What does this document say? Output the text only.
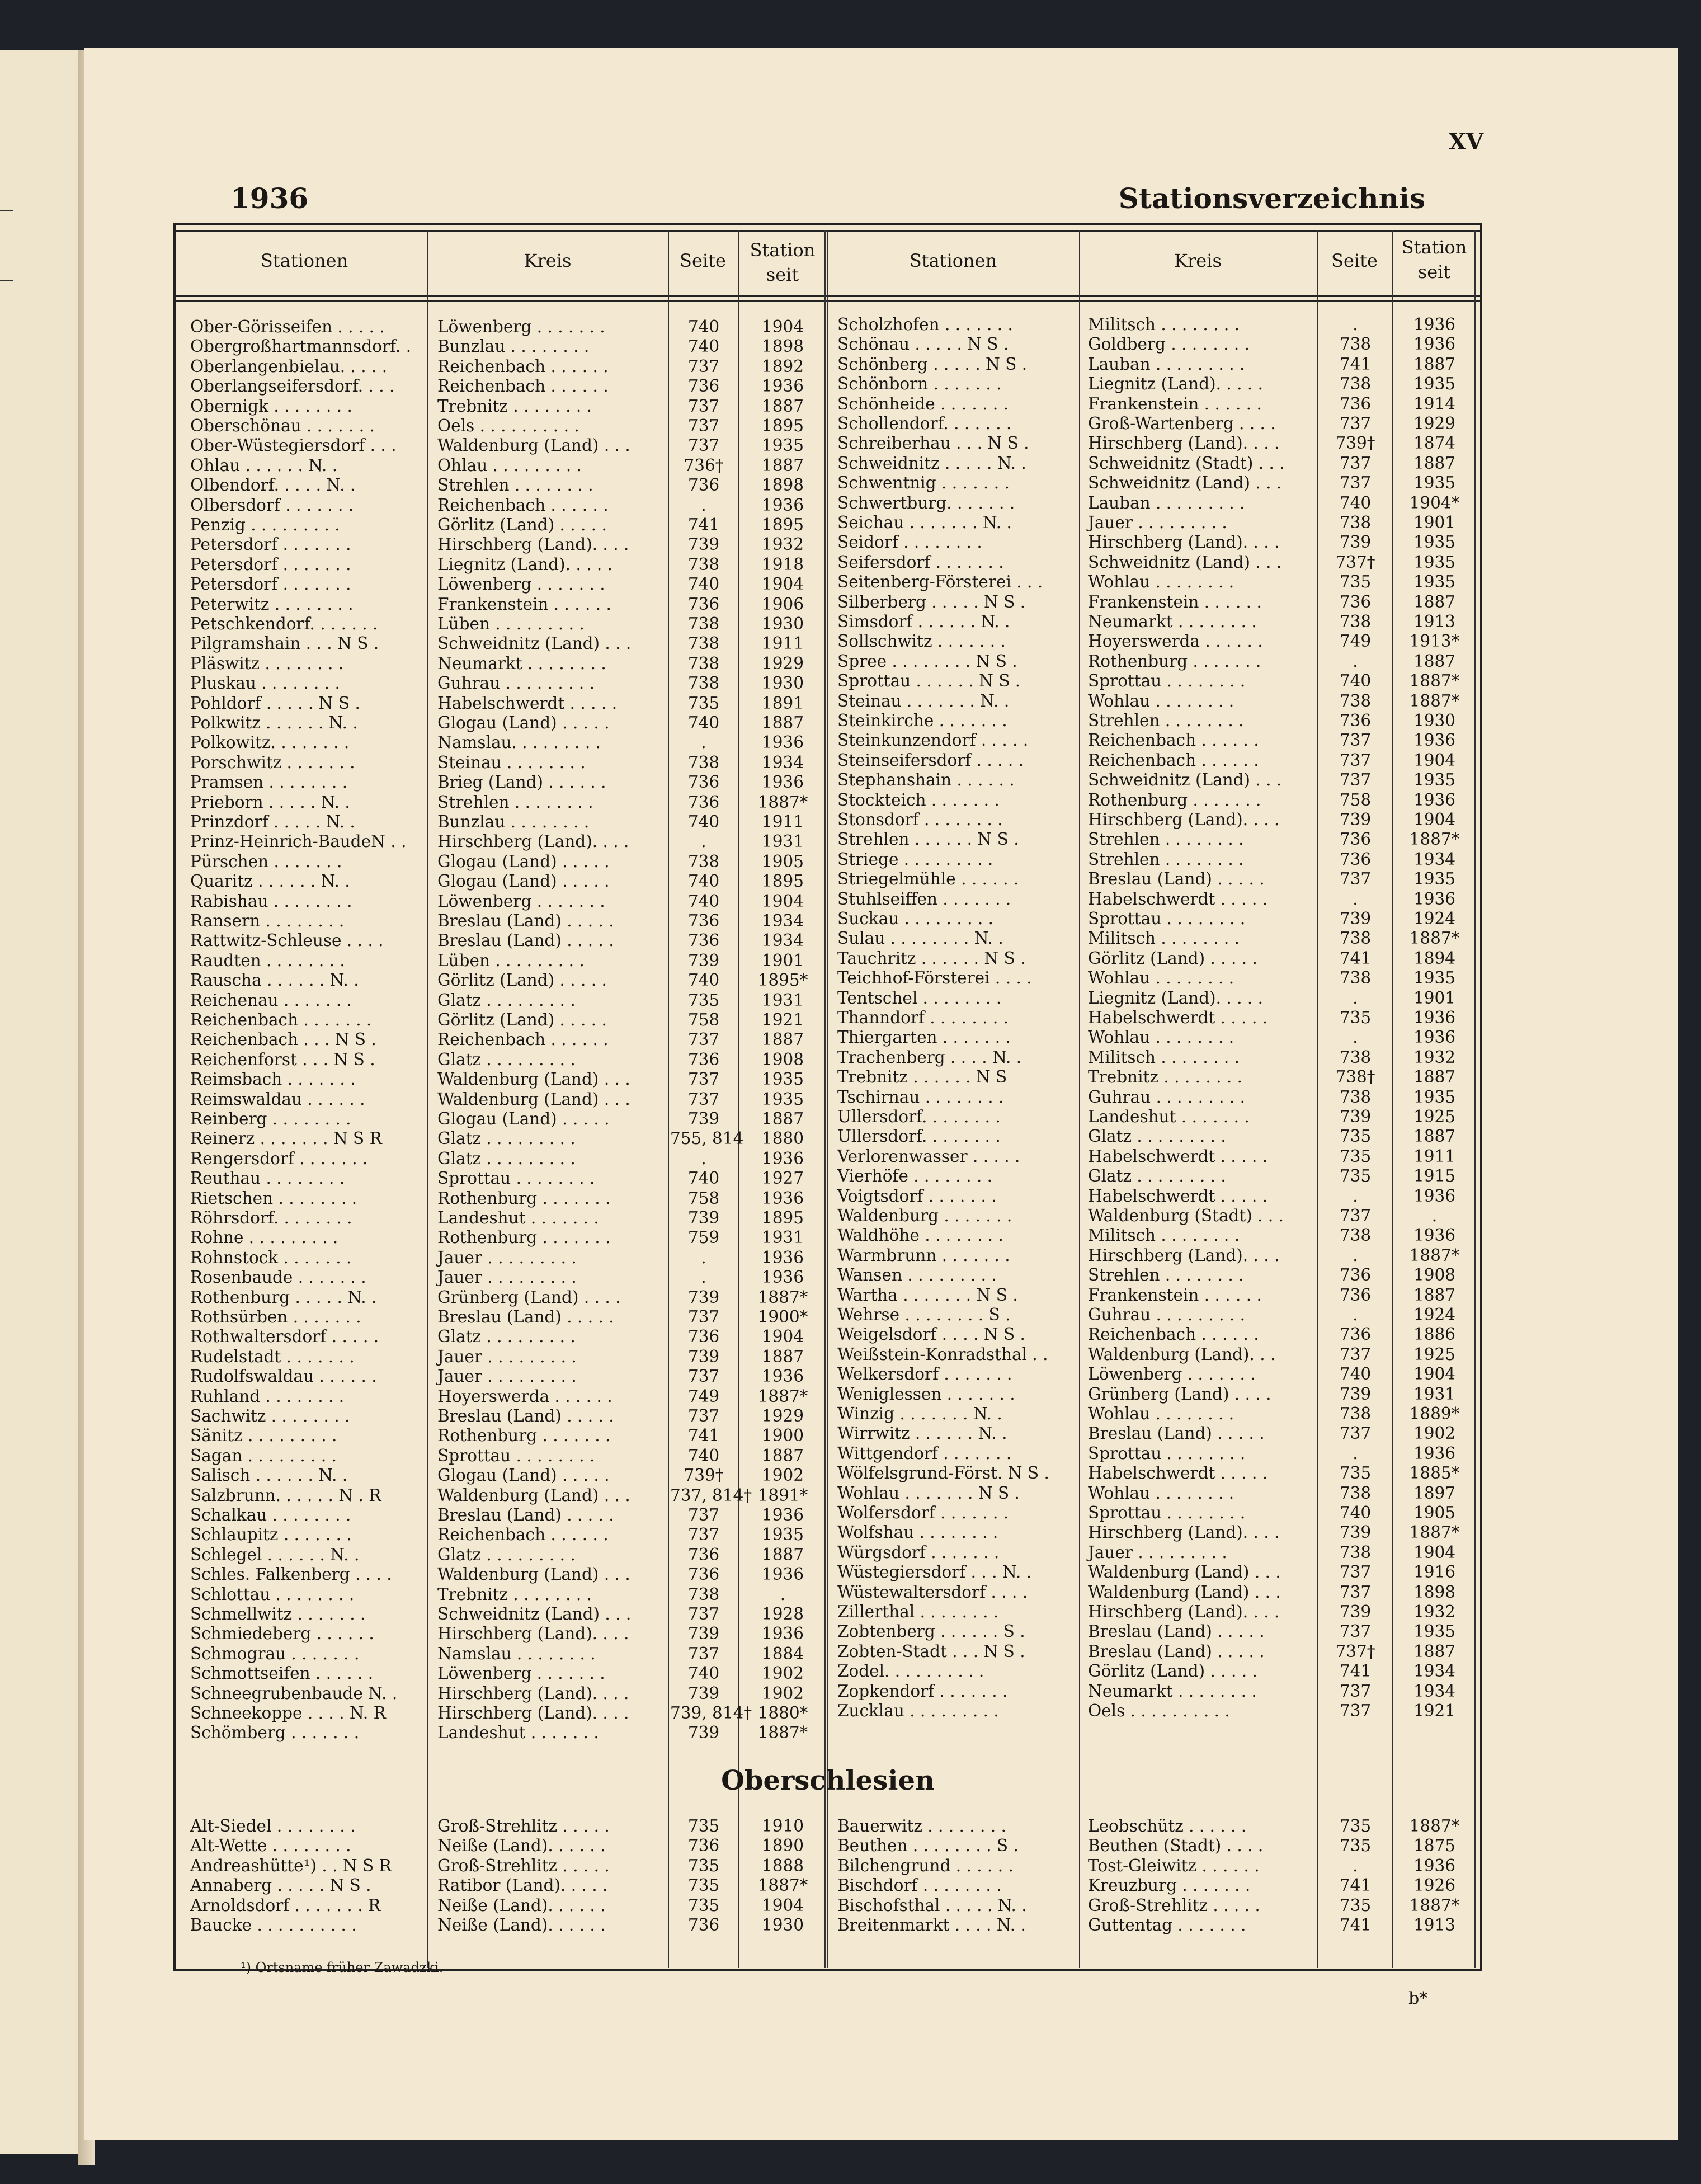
XV
1936	Stationsverzeichnis
Stationen	Kreis	Seite	Station
seit
Stationen	Kreis	Seite
Station
seit
Ober-Görisseifen . . . . .	Löwenberg . . . . . . .	740	1904
Obergroßhartmannsdorf. .	Bunzlau . . . . . . . .	740	1898
Oberlangenbielau. . . . .	Reichenbach . . . . . .	737	1892
Oberlangseifersdorf. . . .	Reichenbach . . . . . .	736	1936
Obernigk . . . . . . . .	Trebnitz . . . . . . . .	737	1887
Oberschönau . . . . . . .	Oels . . . . . . . . . .	737	1895
Ober-Wüstegiersdorf . . .	Waldenburg (Land) . . .	737	1935
Ohlau . . . . . . N. .	Ohlau . . . . . . . . .	736†	1887
Olbendorf. . . . . N. .	Strehlen . . . . . . . .	736	1898
Olbersdorf . . . . . . .	Reichenbach . . . . . .	.	1936
Penzig . . . . . . . . .	Görlitz (Land) . . . . .	741	1895
Petersdorf . . . . . . .	Hirschberg (Land). . . .	739	1932
Petersdorf . . . . . . .	Liegnitz (Land). . . . .	738	1918
Petersdorf . . . . . . .	Löwenberg . . . . . . .	740	1904
Peterwitz . . . . . . . .	Frankenstein . . . . . .	736	1906
Petschkendorf. . . . . . .	Lüben . . . . . . . . .	738	1930
Pilgramshain . . . N S .	Schweidnitz (Land) . . .	738	1911
Pläswitz . . . . . . . .	Neumarkt . . . . . . . .	738	1929
Pluskau . . . . . . . .	Guhrau . . . . . . . . .	738	1930
Pohldorf . . . . . N S .	Habelschwerdt . . . . .	735	1891
Polkwitz . . . . . . N. .	Glogau (Land) . . . . .	740	1887
Polkowitz. . . . . . . .	Namslau. . . . . . . . .	.	1936
Porschwitz . . . . . . .	Steinau . . . . . . . .	738	1934
Pramsen . . . . . . . .	Brieg (Land) . . . . . .	736	1936
Prieborn . . . . . N. .	Strehlen . . . . . . . .	736	1887*
Prinzdorf . . . . . N. .	Bunzlau . . . . . . . .	740	1911
Prinz-Heinrich-BaudeN . .	Hirschberg (Land). . . .	.	1931
Pürschen . . . . . . .	Glogau (Land) . . . . .	738	1905
Quaritz . . . . . . N. .	Glogau (Land) . . . . .	740	1895
Rabishau . . . . . . . .	Löwenberg . . . . . . .	740	1904
Ransern . . . . . . . .	Breslau (Land) . . . . .	736	1934
Rattwitz-Schleuse . . . .	Breslau (Land) . . . . .	736	1934
Raudten . . . . . . . .	Lüben . . . . . . . . .	739	1901
Rauscha . . . . . . N. .	Görlitz (Land) . . . . .	740	1895*
Reichenau . . . . . . .	Glatz . . . . . . . . .	735	1931
Reichenbach . . . . . . .	Görlitz (Land) . . . . .	758	1921
Reichenbach . . . N S .	Reichenbach . . . . . .	737	1887
Reichenforst . . . N S .	Glatz . . . . . . . . .	736	1908
Reimsbach . . . . . . .	Waldenburg (Land) . . .	737	1935
Reimswaldau . . . . . .	Waldenburg (Land) . . .	737	1935
Reinberg . . . . . . . .	Glogau (Land) . . . . .	739	1887
Reinerz . . . . . . . N S R	Glatz . . . . . . . . .	755, 814	1880
Rengersdorf . . . . . . .	Glatz . . . . . . . . .	.	1936
Reuthau . . . . . . . .	Sprottau . . . . . . . .	740	1927
Rietschen . . . . . . . .	Rothenburg . . . . . . .	758	1936
Röhrsdorf. . . . . . . .	Landeshut . . . . . . .	739	1895
Rohne . . . . . . . . .	Rothenburg . . . . . . .	759	1931
Rohnstock . . . . . . .	Jauer . . . . . . . . .	.	1936
Rosenbaude . . . . . . .	Jauer . . . . . . . . .	.	1936
Rothenburg . . . . . N. .	Grünberg (Land) . . . .	739	1887*
Rothsürben . . . . . . .	Breslau (Land) . . . . .	737	1900*
Rothwaltersdorf . . . . .	Glatz . . . . . . . . .	736	1904
Rudelstadt . . . . . . .	Jauer . . . . . . . . .	739	1887
Rudolfswaldau . . . . . .	Jauer . . . . . . . . .	737	1936
Ruhland . . . . . . . .	Hoyerswerda . . . . . .	749	1887*
Sachwitz . . . . . . . .	Breslau (Land) . . . . .	737	1929
Sänitz . . . . . . . . .	Rothenburg . . . . . . .	741	1900
Sagan . . . . . . . . .	Sprottau . . . . . . . .	740	1887
Salisch . . . . . . N. .	Glogau (Land) . . . . .	739†	1902
Salzbrunn. . . . . . N . R	Waldenburg (Land) . . .	737, 814† 1891*
Schalkau . . . . . . . .	Breslau (Land) . . . . .	737	1936
Schlaupitz . . . . . . .	Reichenbach . . . . . .	737	1935
Schlegel . . . . . . N. .	Glatz . . . . . . . . .	736	1887
Schles. Falkenberg . . . .	Waldenburg (Land) . . .	736	1936
Schlottau . . . . . . . .	Trebnitz . . . . . . . .	738	.
Schmellwitz . . . . . . .	Schweidnitz (Land) . . .	737	1928
Schmiedeberg . . . . . .	Hirschberg (Land). . . .	739	1936
Schmograu . . . . . . .	Namslau . . . . . . . .	737	1884
Schmottseifen . . . . . .	Löwenberg . . . . . . .	740	1902
Schneegrubenbaude N. .	Hirschberg (Land). . . .	739	1902
Schneekoppe . . . . N. R	Hirschberg (Land). . . .	739, 814† 1880*
Schömberg . . . . . . .	Landeshut . . . . . . .	739	1887*
Scholzhofen . . . . . . .	Militsch . . . . . . . .	.	1936
Schönau . . . . . N S .	Goldberg . . . . . . . .	738	1936
Schönberg . . . . . N S .	Lauban . . . . . . . . .	741	1887
Schönborn . . . . . . .	Liegnitz (Land). . . . .	738	1935
Schönheide . . . . . . .	Frankenstein . . . . . .	736	1914
Schollendorf. . . . . . .	Groß-Wartenberg . . . .	737	1929
Schreiberhau . . . N S .	Hirschberg (Land). . . .	739†	1874
Schweidnitz . . . . . N. .	Schweidnitz (Stadt) . . .	737	1887
Schwentnig . . . . . . .	Schweidnitz (Land) . . .	737	1935
Schwertburg. . . . . . .	Lauban . . . . . . . . .	740	1904*
Seichau . . . . . . . N. .	Jauer . . . . . . . . .	738	1901
Seidorf . . . . . . . .	Hirschberg (Land). . . .	739	1935
Seifersdorf . . . . . . .	Schweidnitz (Land) . . .	737†	1935
Seitenberg-Försterei . . .	Wohlau . . . . . . . .	735	1935
Silberberg . . . . . N S .	Frankenstein . . . . . .	736	1887
Simsdorf . . . . . . N. .	Neumarkt . . . . . . . .	738	1913
Sollschwitz . . . . . . .	Hoyerswerda . . . . . .	749	1913*
Spree . . . . . . . . N S .	Rothenburg . . . . . . .	.	1887
Sprottau . . . . . . N S .	Sprottau . . . . . . . .	740	1887*
Steinau . . . . . . . N. .	Wohlau . . . . . . . .	738	1887*
Steinkirche . . . . . . .	Strehlen . . . . . . . .	736	1930
Steinkunzendorf . . . . .	Reichenbach . . . . . .	737	1936
Steinseifersdorf . . . . .	Reichenbach . . . . . .	737	1904
Stephanshain . . . . . .	Schweidnitz (Land) . . .	737	1935
Stockteich . . . . . . .	Rothenburg . . . . . . .	758	1936
Stonsdorf . . . . . . . .	Hirschberg (Land). . . .	739	1904
Strehlen . . . . . . N S .	Strehlen . . . . . . . .	736	1887*
Striege . . . . . . . . .	Strehlen . . . . . . . .	736	1934
Striegelmühle . . . . . .	Breslau (Land) . . . . .	737	1935
Stuhlseiffen . . . . . . .	Habelschwerdt . . . . .	.	1936
Suckau . . . . . . . . .	Sprottau . . . . . . . .	739	1924
Sulau . . . . . . . . N. .	Militsch . . . . . . . .	738	1887*
Tauchritz . . . . . . N S .	Görlitz (Land) . . . . .	741	1894
Teichhof-Försterei . . . .	Wohlau . . . . . . . .	738	1935
Tentschel . . . . . . . .	Liegnitz (Land). . . . .	.	1901
Thanndorf . . . . . . . .	Habelschwerdt . . . . .	735	1936
Thiergarten . . . . . . .	Wohlau . . . . . . . .	.	1936
Trachenberg . . . . N. .	Militsch . . . . . . . .	738	1932
Trebnitz . . . . . . N S	Trebnitz . . . . . . . .	738†	1887
Tschirnau . . . . . . . .	Guhrau . . . . . . . . .	738	1935
Ullersdorf. . . . . . . .	Landeshut . . . . . . .	739	1925
Ullersdorf. . . . . . . .	Glatz . . . . . . . . .	735	1887
Verlorenwasser . . . . .	Habelschwerdt . . . . .	735	1911
Vierhöfe . . . . . . . .	Glatz . . . . . . . . .	735	1915
Voigtsdorf . . . . . . .	Habelschwerdt . . . . .	.	1936
Waldenburg . . . . . . .	Waldenburg (Stadt) . . .	737	.
Waldhöhe . . . . . . . .	Militsch . . . . . . . .	738	1936
Warmbrunn . . . . . . .	Hirschberg (Land). . . .	.	1887*
Wansen . . . . . . . . .	Strehlen . . . . . . . .	736	1908
Wartha . . . . . . . N S .	Frankenstein . . . . . .	736	1887
Wehrse . . . . . . . . S .	Guhrau . . . . . . . . .	.	1924
Weigelsdorf . . . . N S .	Reichenbach . . . . . .	736	1886
Weißstein-Konradsthal . .	Waldenburg (Land). . .	737	1925
Welkersdorf . . . . . . .	Löwenberg . . . . . . .	740	1904
Weniglessen . . . . . . .	Grünberg (Land) . . . .	739	1931
Winzig . . . . . . . N. .	Wohlau . . . . . . . .	738	1889*
Wirrwitz . . . . . . N. .	Breslau (Land) . . . . .	737	1902
Wittgendorf . . . . . . .	Sprottau . . . . . . . .	.	1936
Wölfelsgrund-Först. N S .	Habelschwerdt . . . . .	735	1885*
Wohlau . . . . . . . N S .	Wohlau . . . . . . . .	738	1897
Wolfersdorf . . . . . . .	Sprottau . . . . . . . .	740	1905
Wolfshau . . . . . . . .	Hirschberg (Land). . . .	739	1887*
Würgsdorf . . . . . . .	Jauer . . . . . . . . .	738	1904
Wüstegiersdorf . . . N. .	Waldenburg (Land) . . .	737	1916
Wüstewaltersdorf . . . .	Waldenburg (Land) . . .	737	1898
Zillerthal . . . . . . . .	Hirschberg (Land). . . .	739	1932
Zobtenberg . . . . . . S .	Breslau (Land) . . . . .	737	1935
Zobten-Stadt . . . N S .	Breslau (Land) . . . . .	737†	1887
Zodel. . . . . . . . . .	Görlitz (Land) . . . . .	741	1934
Zopkendorf . . . . . . .	Neumarkt . . . . . . . .	737	1934
Zucklau . . . . . . . . .	Oels . . . . . . . . . .	737	1921
Alt-Siedel . . . . . . . .	Groß-Strehlitz . . . . .	735	1910
Alt-Wette . . . . . . . .	Neiße (Land). . . . . .	736	1890
Andreashütte¹) . . N S R	Groß-Strehlitz . . . . .	735	1888
Annaberg . . . . . N S .	Ratibor (Land). . . . .	735	1887*
Arnoldsdorf . . . . . . . R	Neiße (Land). . . . . .	735	1904
Baucke . . . . . . . . . .	Neiße (Land). . . . . .	736	1930
Bauerwitz . . . . . . . .	Leobschütz . . . . . .	735	1887*
Beuthen . . . . . . . . S .	Beuthen (Stadt) . . . .	735	1875
Bilchengrund . . . . . .	Tost-Gleiwitz . . . . . .	.	1936
Bischdorf . . . . . . . .	Kreuzburg . . . . . . .	741	1926
Bischofsthal . . . . . N. .	Groß-Strehlitz . . . . .	735	1887*
Breitenmarkt . . . . N. .	Guttentag . . . . . . .	741	1913
Oberschlesien
¹) Ortsname früher Zawadzki.
b*
